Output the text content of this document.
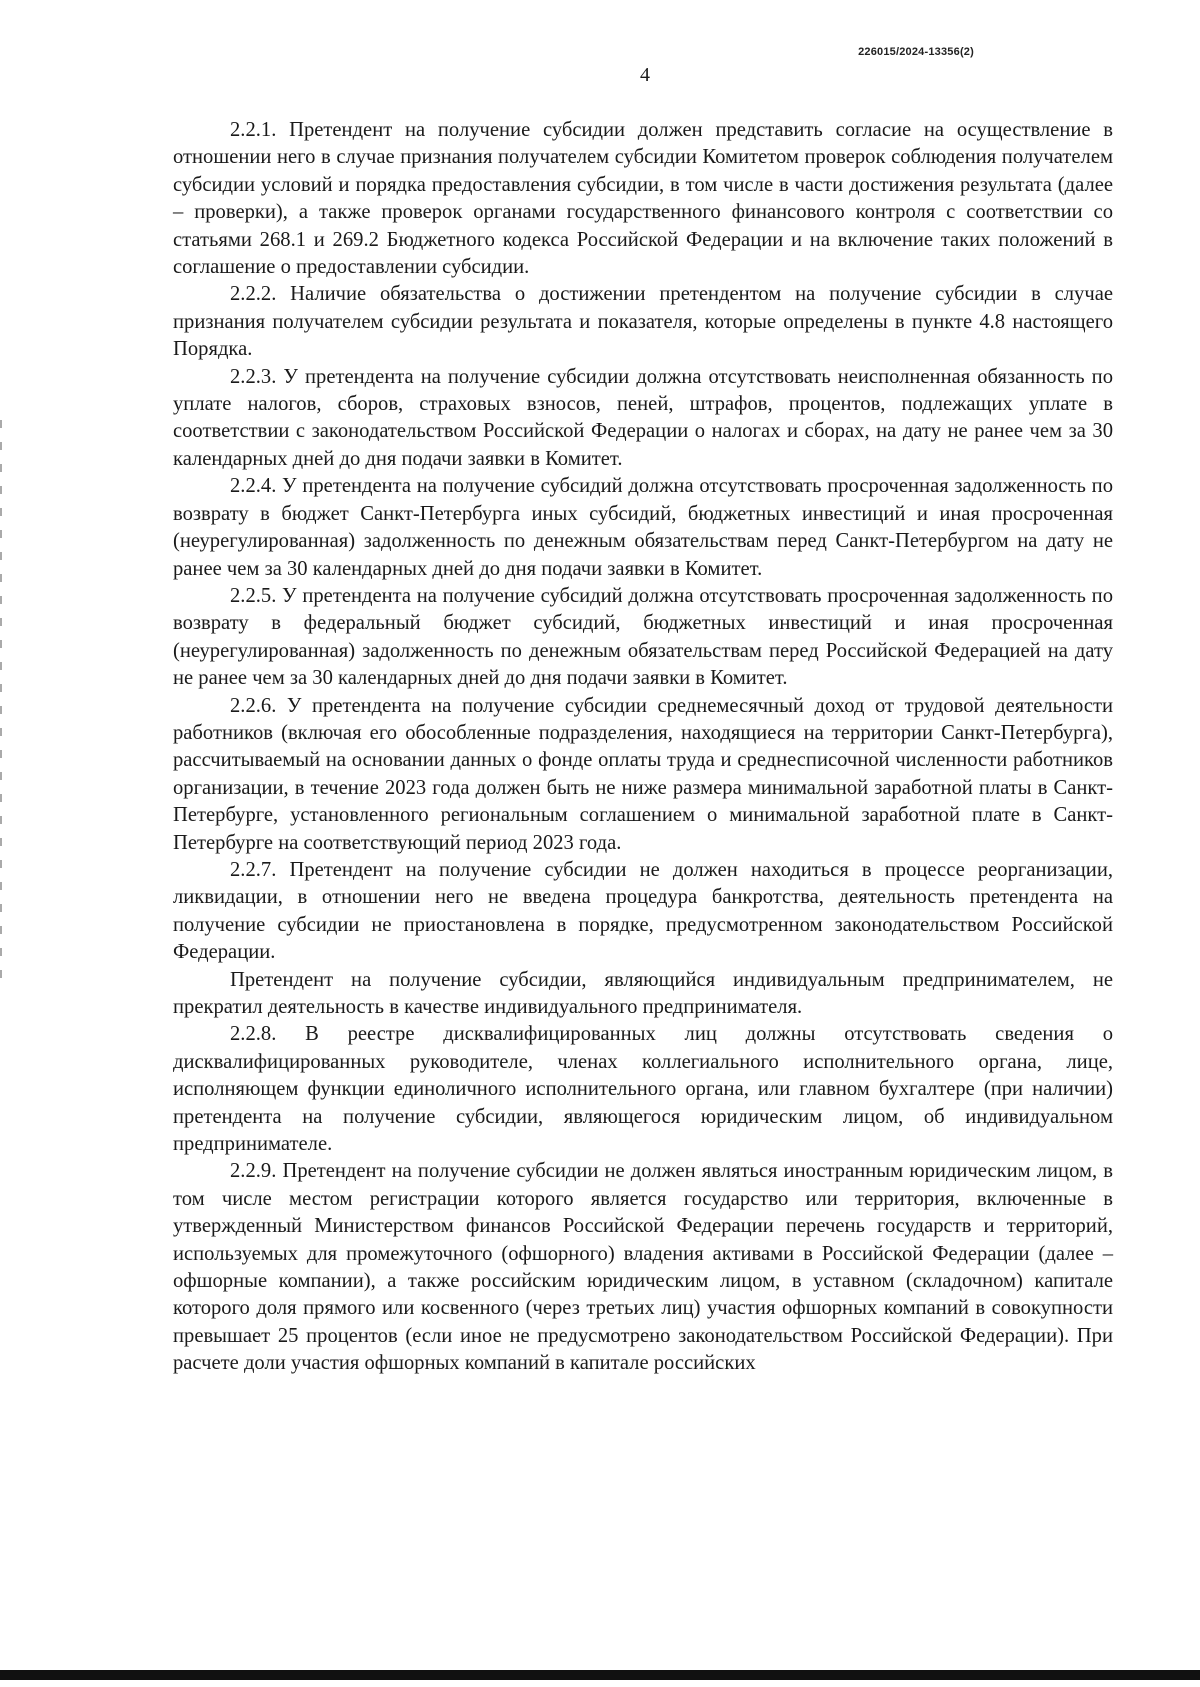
226015/2024-13356(2)
4

2.2.1. Претендент на получение субсидии должен представить согласие на осуществление в отношении него в случае признания получателем субсидии Комитетом проверок соблюдения получателем субсидии условий и порядка предоставления субсидии, в том числе в части достижения результата (далее – проверки), а также проверок органами государственного финансового контроля с соответствии со статьями 268.1 и 269.2 Бюджетного кодекса Российской Федерации и на включение таких положений в соглашение о предоставлении субсидии.

2.2.2. Наличие обязательства о достижении претендентом на получение субсидии в случае признания получателем субсидии результата и показателя, которые определены в пункте 4.8 настоящего Порядка.

2.2.3. У претендента на получение субсидии должна отсутствовать неисполненная обязанность по уплате налогов, сборов, страховых взносов, пеней, штрафов, процентов, подлежащих уплате в соответствии с законодательством Российской Федерации о налогах и сборах, на дату не ранее чем за 30 календарных дней до дня подачи заявки в Комитет.

2.2.4. У претендента на получение субсидий должна отсутствовать просроченная задолженность по возврату в бюджет Санкт-Петербурга иных субсидий, бюджетных инвестиций и иная просроченная (неурегулированная) задолженность по денежным обязательствам перед Санкт-Петербургом на дату не ранее чем за 30 календарных дней до дня подачи заявки в Комитет.

2.2.5. У претендента на получение субсидий должна отсутствовать просроченная задолженность по возврату в федеральный бюджет субсидий, бюджетных инвестиций и иная просроченная (неурегулированная) задолженность по денежным обязательствам перед Российской Федерацией на дату не ранее чем за 30 календарных дней до дня подачи заявки в Комитет.

2.2.6. У претендента на получение субсидии среднемесячный доход от трудовой деятельности работников (включая его обособленные подразделения, находящиеся на территории Санкт-Петербурга), рассчитываемый на основании данных о фонде оплаты труда и среднесписочной численности работников организации, в течение 2023 года должен быть не ниже размера минимальной заработной платы в Санкт-Петербурге, установленного региональным соглашением о минимальной заработной плате в Санкт-Петербурге на соответствующий период 2023 года.

2.2.7. Претендент на получение субсидии не должен находиться в процессе реорганизации, ликвидации, в отношении него не введена процедура банкротства, деятельность претендента на получение субсидии не приостановлена в порядке, предусмотренном законодательством Российской Федерации.

Претендент на получение субсидии, являющийся индивидуальным предпринимателем, не прекратил деятельность в качестве индивидуального предпринимателя.

2.2.8. В реестре дисквалифицированных лиц должны отсутствовать сведения о дисквалифицированных руководителе, членах коллегиального исполнительного органа, лице, исполняющем функции единоличного исполнительного органа, или главном бухгалтере (при наличии) претендента на получение субсидии, являющегося юридическим лицом, об индивидуальном предпринимателе.

2.2.9. Претендент на получение субсидии не должен являться иностранным юридическим лицом, в том числе местом регистрации которого является государство или территория, включенные в утвержденный Министерством финансов Российской Федерации перечень государств и территорий, используемых для промежуточного (офшорного) владения активами в Российской Федерации (далее – офшорные компании), а также российским юридическим лицом, в уставном (складочном) капитале которого доля прямого или косвенного (через третьих лиц) участия офшорных компаний в совокупности превышает 25 процентов (если иное не предусмотрено законодательством Российской Федерации). При расчете доли участия офшорных компаний в капитале российских
